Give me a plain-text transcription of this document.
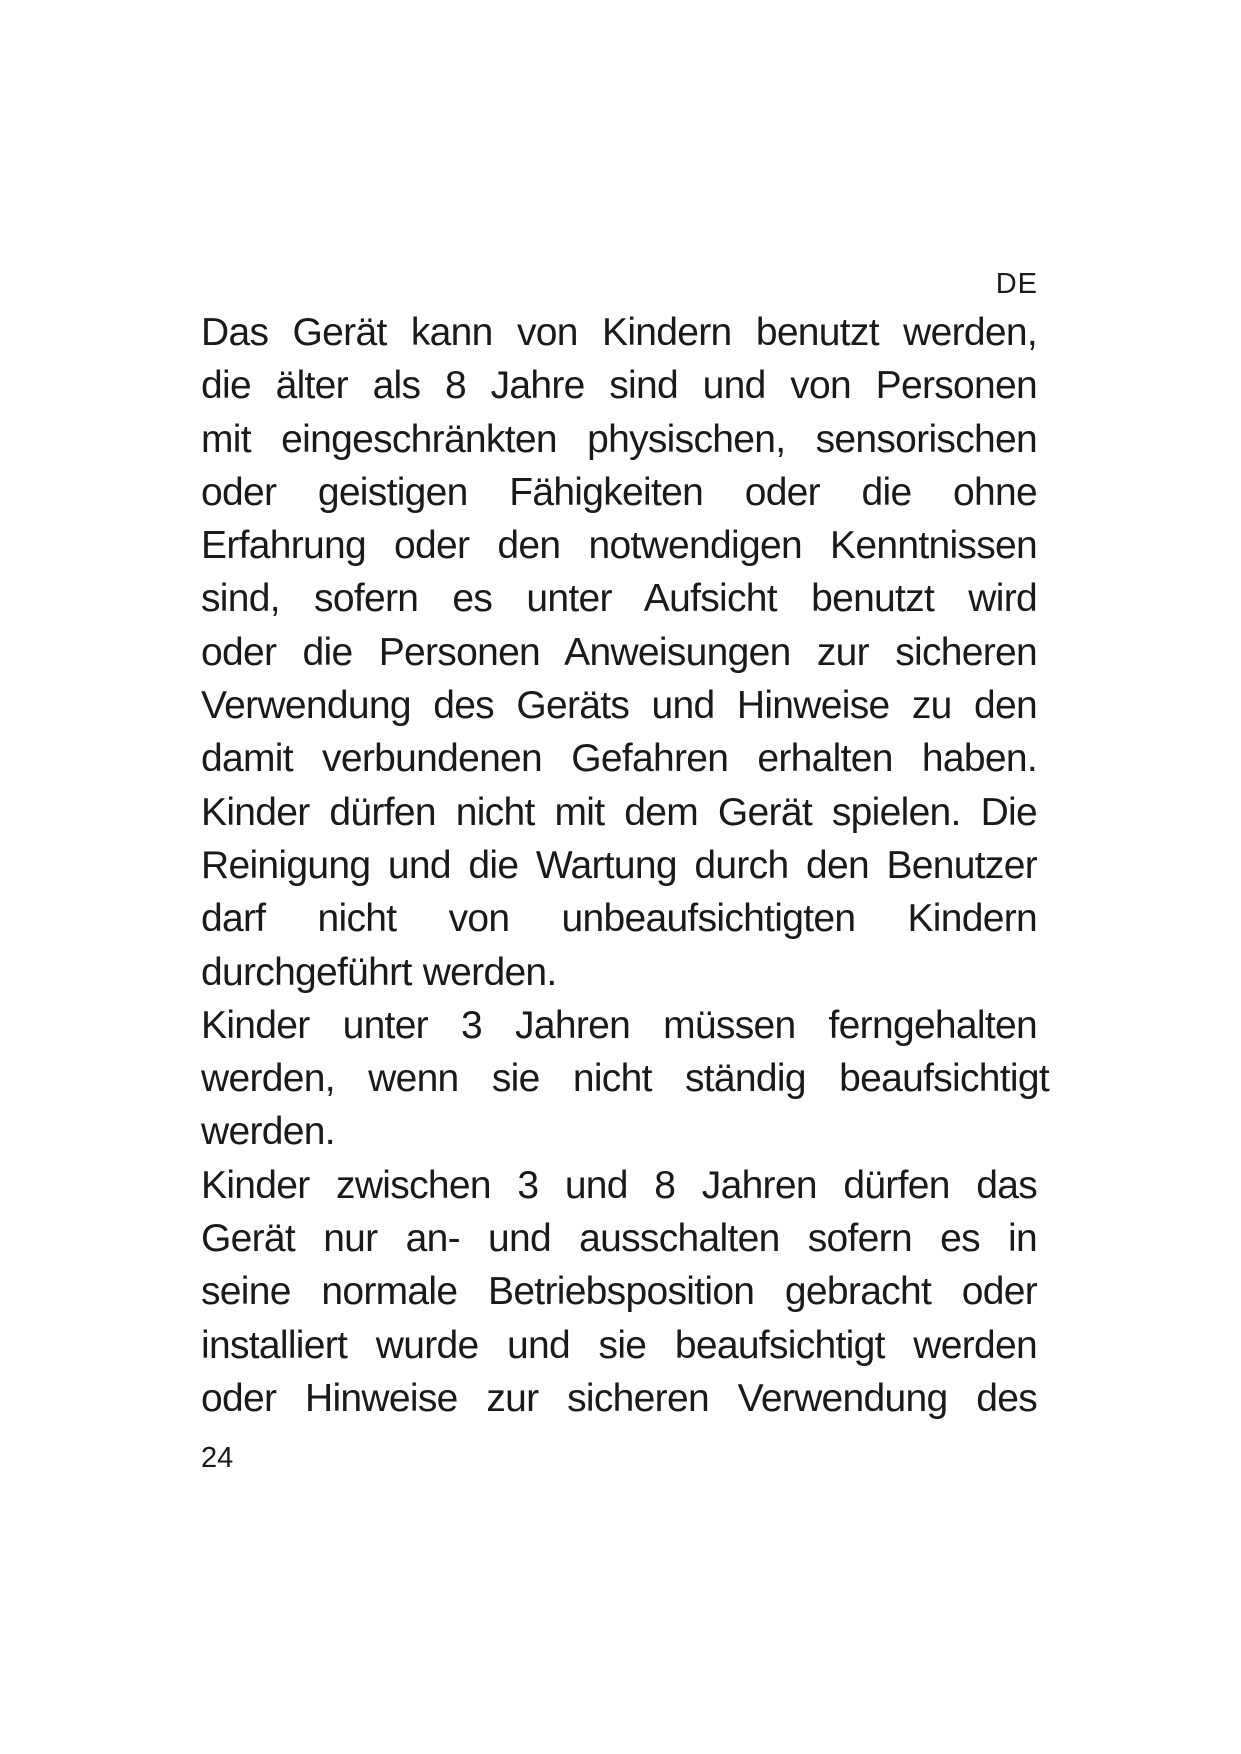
DE
Das Gerät kann von Kindern benutzt werden,
die älter als 8 Jahre sind und von Personen
mit eingeschränkten physischen, sensorischen
oder geistigen Fähigkeiten oder die ohne
Erfahrung oder den notwendigen Kenntnissen
sind, sofern es unter Aufsicht benutzt wird
oder die Personen Anweisungen zur sicheren
Verwendung des Geräts und Hinweise zu den
damit verbundenen Gefahren erhalten haben.
Kinder dürfen nicht mit dem Gerät spielen. Die
Reinigung und die Wartung durch den Benutzer
darf nicht von unbeaufsichtigten Kindern
durchgeführt werden.
Kinder unter 3 Jahren müssen ferngehalten
werden, wenn sie nicht ständig beaufsichtigt
werden.
Kinder zwischen 3 und 8 Jahren dürfen das
Gerät nur an- und ausschalten sofern es in
seine normale Betriebsposition gebracht oder
installiert wurde und sie beaufsichtigt werden
oder Hinweise zur sicheren Verwendung des
24
